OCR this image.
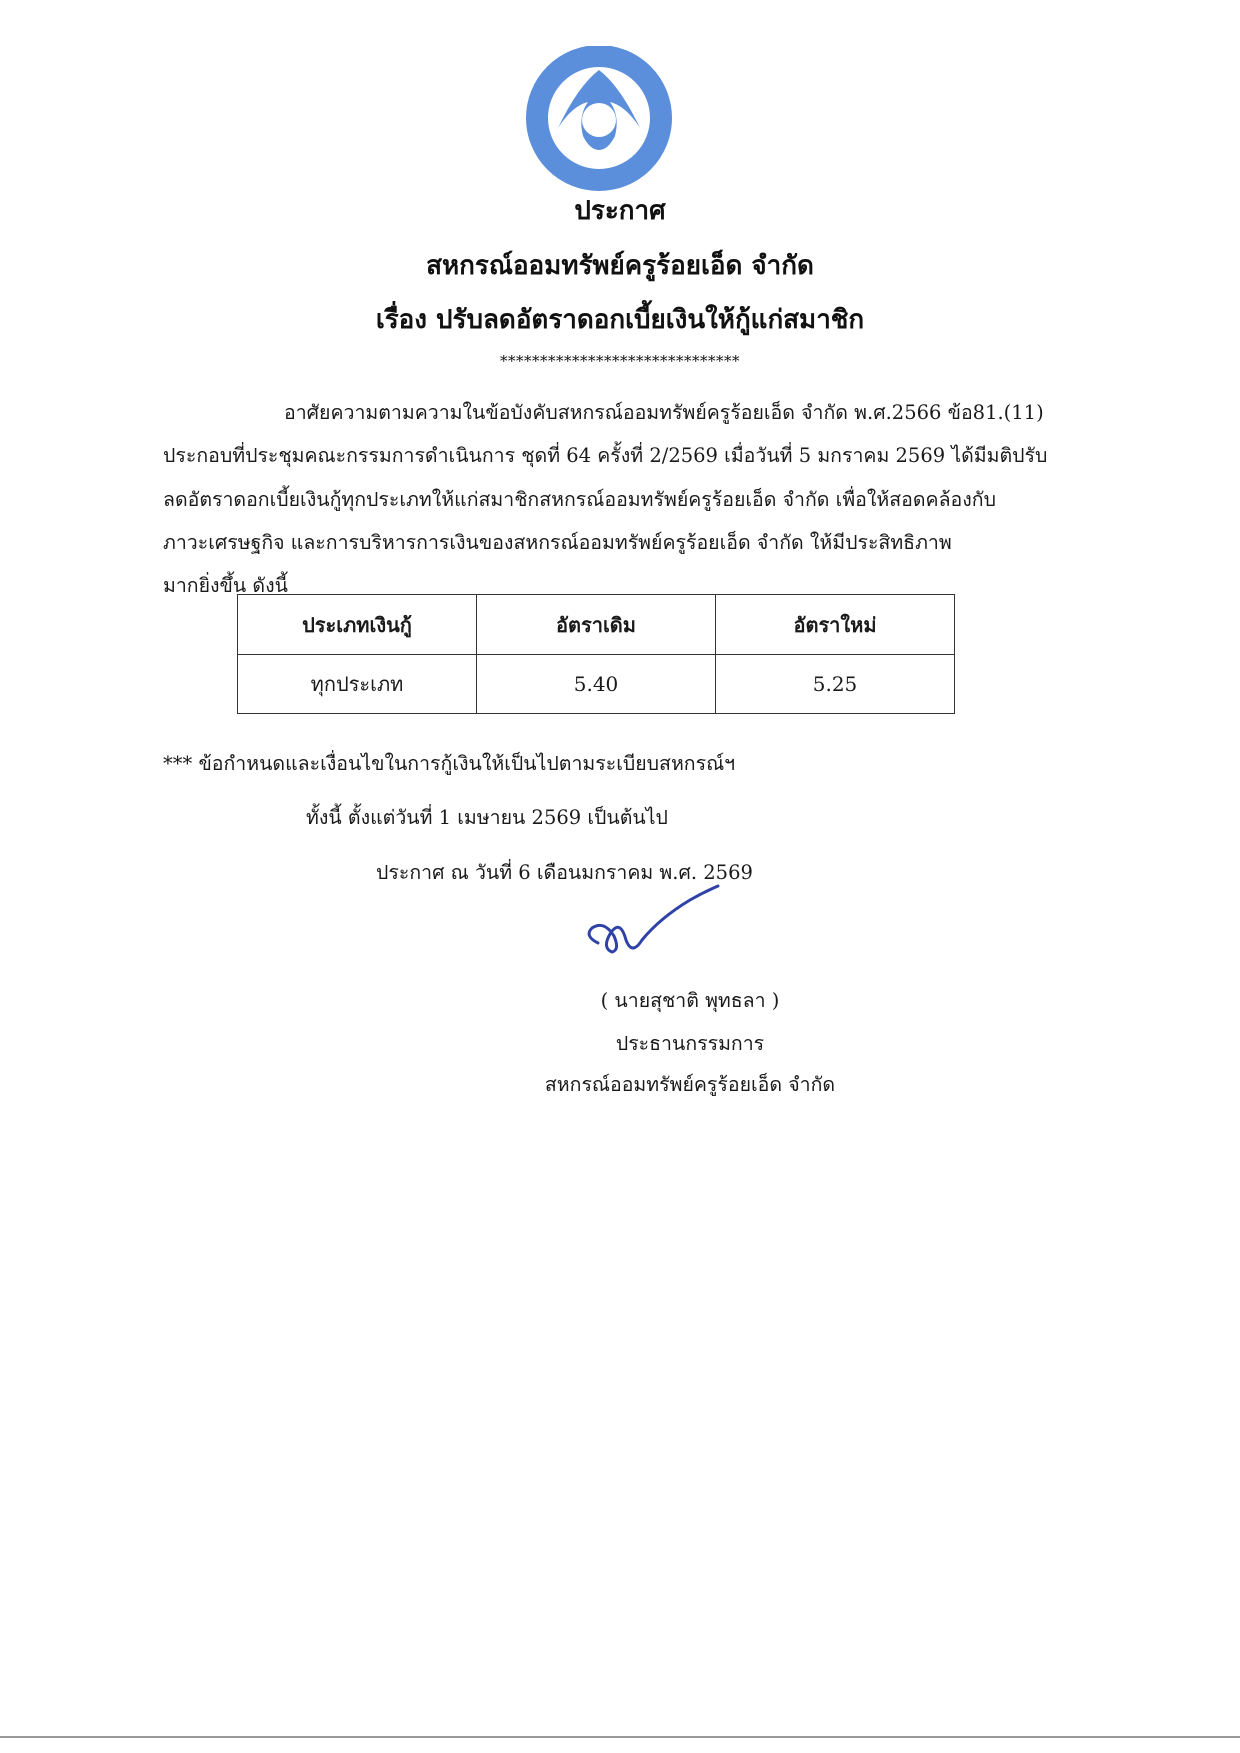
สหกรณ์ออมทรัพย์ครูร้อยเอ็ด จำกัด
ประกาศ
สหกรณ์ออมทรัพย์ครูร้อยเอ็ด จำกัด
เรื่อง ปรับลดอัตราดอกเบี้ยเงินให้กู้แก่สมาชิก
******************************
อาศัยความตามความในข้อบังคับสหกรณ์ออมทรัพย์ครูร้อยเอ็ด จำกัด พ.ศ.2566 ข้อ81.(11)
ประกอบที่ประชุมคณะกรรมการดำเนินการ ชุดที่ 64 ครั้งที่ 2/2569 เมื่อวันที่ 5 มกราคม 2569 ได้มีมติปรับ
ลดอัตราดอกเบี้ยเงินกู้ทุกประเภทให้แก่สมาชิกสหกรณ์ออมทรัพย์ครูร้อยเอ็ด จำกัด เพื่อให้สอดคล้องกับ
ภาวะเศรษฐกิจ และการบริหารการเงินของสหกรณ์ออมทรัพย์ครูร้อยเอ็ด จำกัด ให้มีประสิทธิภาพ
มากยิ่งขึ้น ดังนี้
ประเภทเงินกู้	อัตราเดิม	อัตราใหม่
ทุกประเภท	5.40	5.25
*** ข้อกำหนดและเงื่อนไขในการกู้เงินให้เป็นไปตามระเบียบสหกรณ์ฯ
ทั้งนี้ ตั้งแต่วันที่ 1 เมษายน 2569 เป็นต้นไป
ประกาศ ณ วันที่ 6 เดือนมกราคม พ.ศ. 2569
( นายสุชาติ พุทธลา )
ประธานกรรมการ
สหกรณ์ออมทรัพย์ครูร้อยเอ็ด จำกัด
